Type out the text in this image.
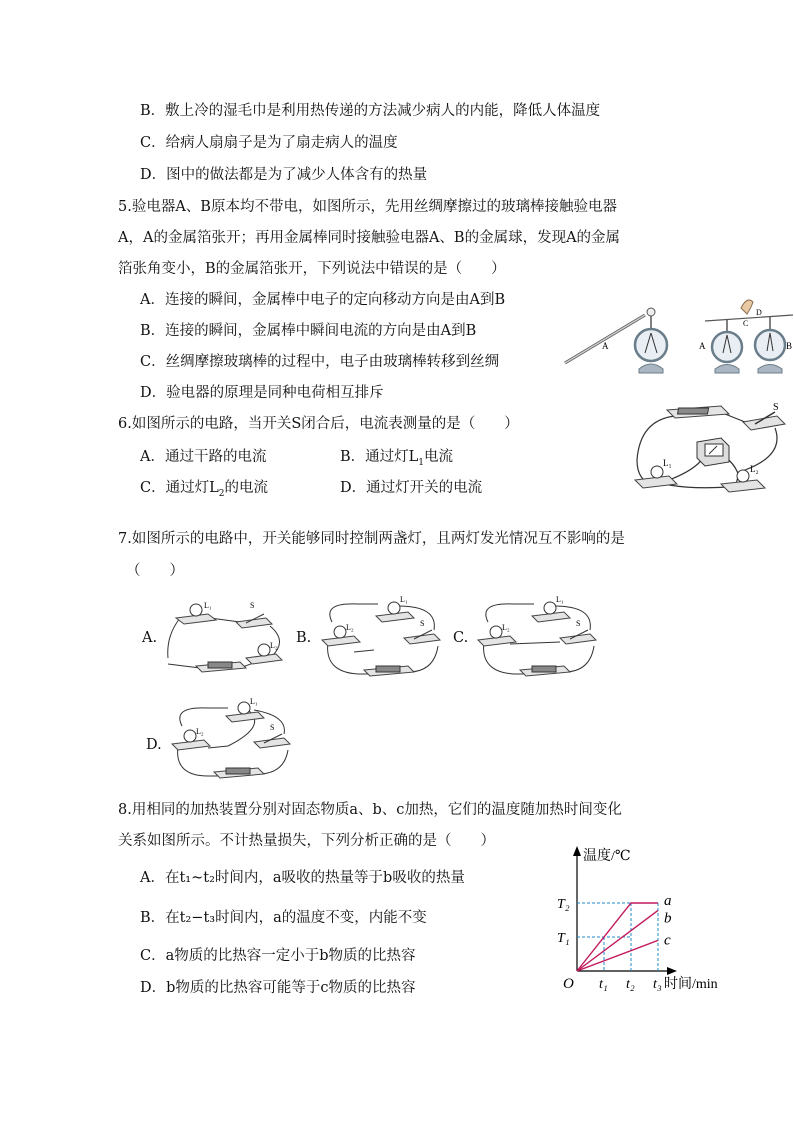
B．敷上冷的湿毛巾是利用热传递的方法减少病人的内能，降低人体温度
C．给病人扇扇子是为了扇走病人的温度
D．图中的做法都是为了减少人体含有的热量
5.验电器A、B原本均不带电，如图所示，先用丝绸摩擦过的玻璃棒接触验电器
A，A的金属箔张开；再用金属棒同时接触验电器A、B的金属球，发现A的金属
箔张角变小，B的金属箔张开，下列说法中错误的是（　　）
A．连接的瞬间，金属棒中电子的定向移动方向是由A到B
B．连接的瞬间，金属棒中瞬间电流的方向是由A到B
C．丝绸摩擦玻璃棒的过程中，电子由玻璃棒转移到丝绸
D．验电器的原理是同种电荷相互排斥
A
D
C
A	B
6.如图所示的电路，当开关S闭合后，电流表测量的是（　　）
A．通过干路的电流	B．通过灯$L_1$电流
C．通过灯$L_2$的电流	D．通过灯开关的电流
S
L₁
L₂
7.如图所示的电路中，开关能够同时控制两盏灯，且两灯发光情况互不影响的是
（　　）
A.	B.	C.
D.
L₁	S
L₂
L₁
L₂	S
L₁
L₂	S
L₁
L₂	S
8.用相同的加热装置分别对固态物质a、b、c加热，它们的温度随加热时间变化
关系如图所示。不计热量损失，下列分析正确的是（　　）
A．在t₁~t₂时间内，a吸收的热量等于b吸收的热量
B．在t₂−t₃时间内，a的温度不变，内能不变
C．a物质的比热容一定小于b物质的比热容
D．b物质的比热容可能等于c物质的比热容
a
b
c
温度/℃
时间/min
O t₁ t₂ t₃
T₁
T₂
